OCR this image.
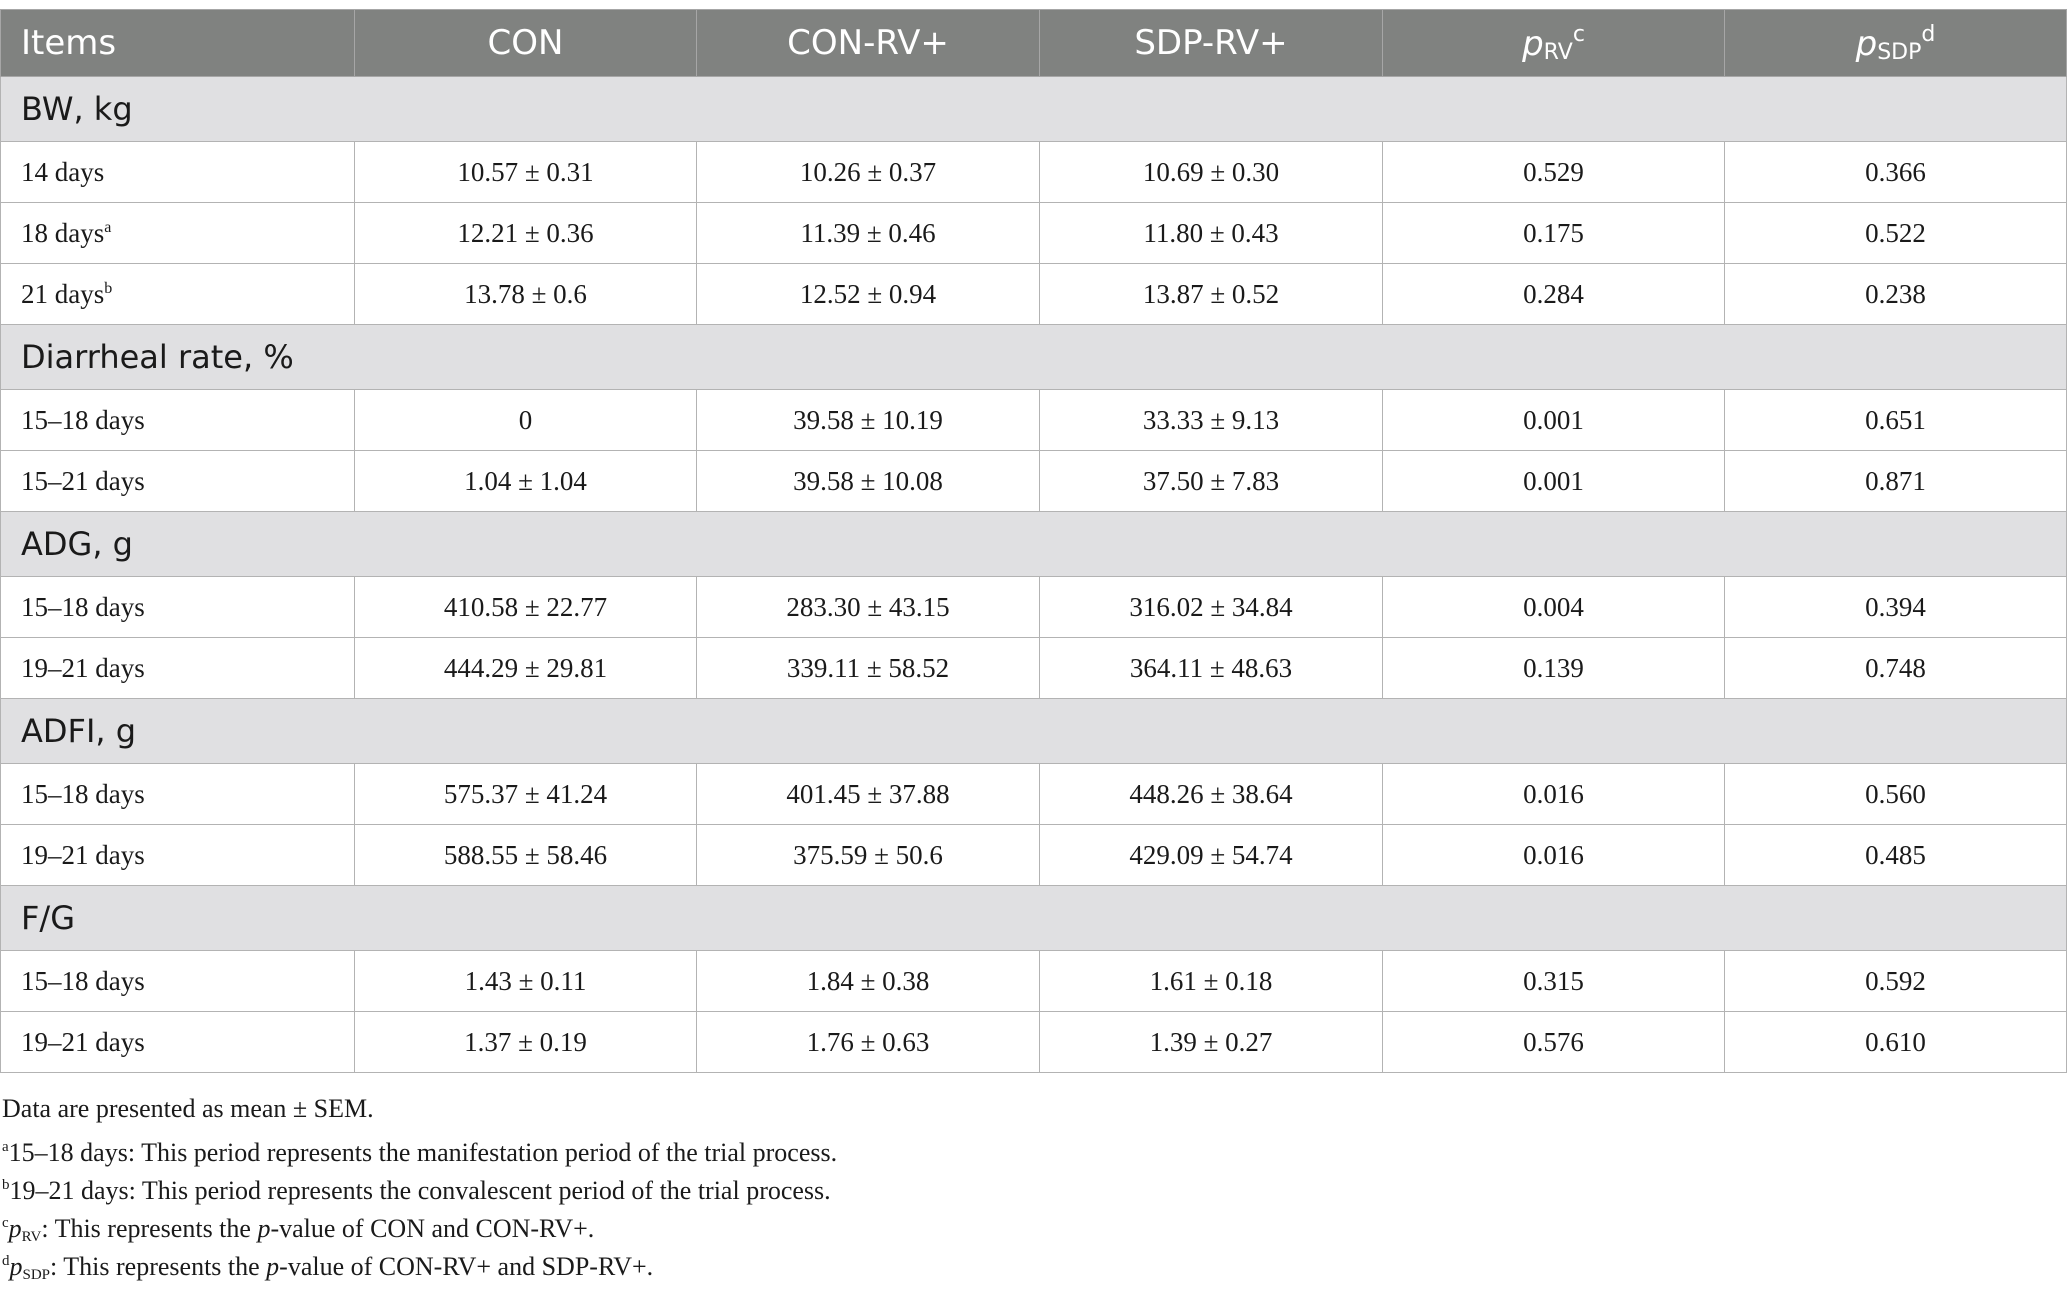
Items	CON	CON-RV+	SDP-RV+	$p_{RV}^c$	$p_{SDP}^d$
BW, kg					
14 days	10.57 ± 0.31	10.26 ± 0.37	10.69 ± 0.30	0.529	0.366
18 days$^a$	12.21 ± 0.36	11.39 ± 0.46	11.80 ± 0.43	0.175	0.522
21 days$^b$	13.78 ± 0.6	12.52 ± 0.94	13.87 ± 0.52	0.284	0.238
Diarrheal rate, %					
15–18 days	0	39.58 ± 10.19	33.33 ± 9.13	0.001	0.651
15–21 days	1.04 ± 1.04	39.58 ± 10.08	37.50 ± 7.83	0.001	0.871
ADG, g					
15–18 days	410.58 ± 22.77	283.30 ± 43.15	316.02 ± 34.84	0.004	0.394
19–21 days	444.29 ± 29.81	339.11 ± 58.52	364.11 ± 48.63	0.139	0.748
ADFI, g					
15–18 days	575.37 ± 41.24	401.45 ± 37.88	448.26 ± 38.64	0.016	0.560
19–21 days	588.55 ± 58.46	375.59 ± 50.6	429.09 ± 54.74	0.016	0.485
F/G					
15–18 days	1.43 ± 0.11	1.84 ± 0.38	1.61 ± 0.18	0.315	0.592
19–21 days	1.37 ± 0.19	1.76 ± 0.63	1.39 ± 0.27	0.576	0.610

Data are presented as mean ± SEM.

$^a$15–18 days: This period represents the manifestation period of the trial process.

$^b$19–21 days: This period represents the convalescent period of the trial process.

$^cp_{RV}$: This represents the p-value of CON and CON-RV+.

$^dp_{SDP}$: This represents the p-value of CON-RV+ and SDP-RV+.
